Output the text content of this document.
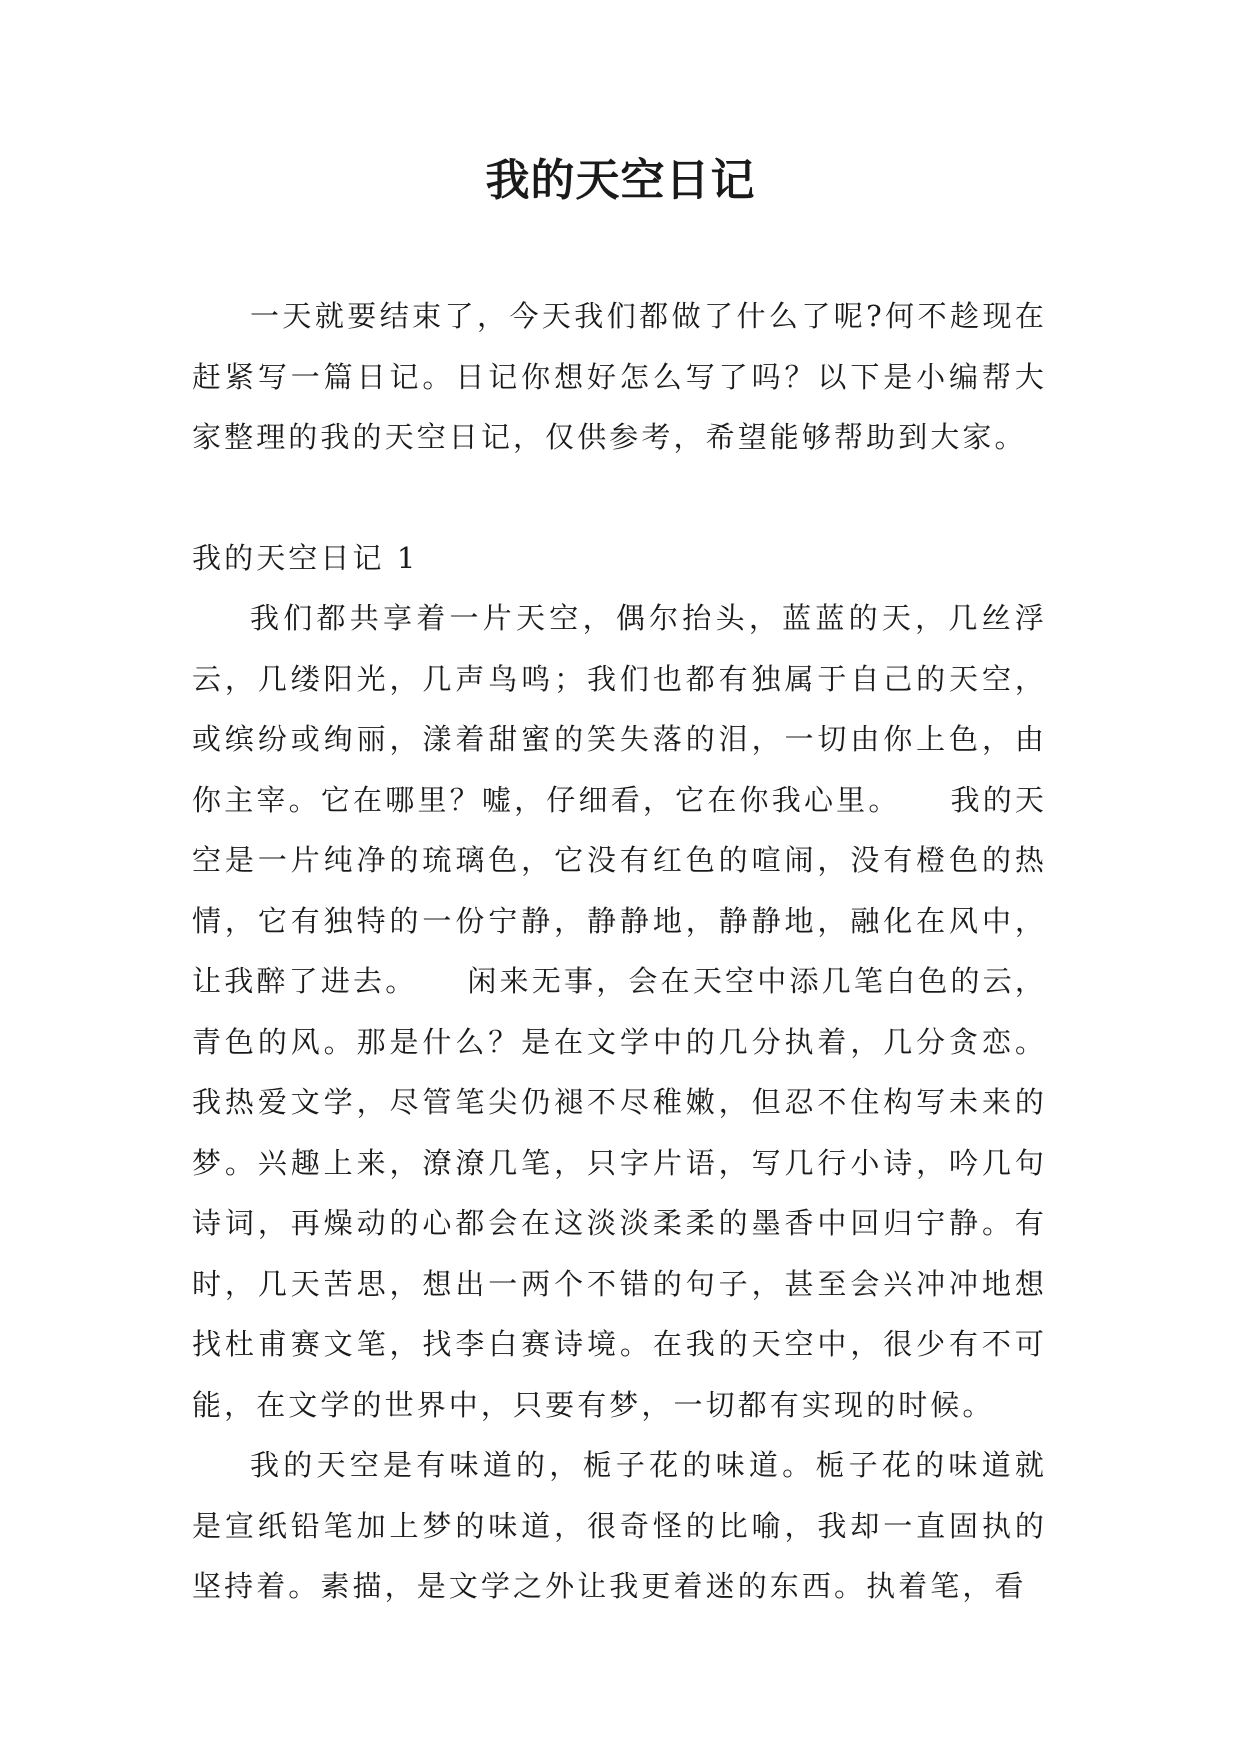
我的天空日记

一天就要结束了，今天我们都做了什么了呢?何不趁现在赶紧写一篇日记。日记你想好怎么写了吗？以下是小编帮大家整理的我的天空日记，仅供参考，希望能够帮助到大家。

我的天空日记 1

我们都共享着一片天空，偶尔抬头，蓝蓝的天，几丝浮云，几缕阳光，几声鸟鸣；我们也都有独属于自己的天空，或缤纷或绚丽，漾着甜蜜的笑失落的泪，一切由你上色，由你主宰。它在哪里？嘘，仔细看，它在你我心里。　　我的天空是一片纯净的琉璃色，它没有红色的喧闹，没有橙色的热情，它有独特的一份宁静，静静地，静静地，融化在风中，让我醉了进去。　　闲来无事，会在天空中添几笔白色的云，青色的风。那是什么？是在文学中的几分执着，几分贪恋。我热爱文学，尽管笔尖仍褪不尽稚嫩，但忍不住构写未来的梦。兴趣上来，潦潦几笔，只字片语，写几行小诗，吟几句诗词，再燥动的心都会在这淡淡柔柔的墨香中回归宁静。有时，几天苦思，想出一两个不错的句子，甚至会兴冲冲地想找杜甫赛文笔，找李白赛诗境。在我的天空中，很少有不可能，在文学的世界中，只要有梦，一切都有实现的时候。

我的天空是有味道的，栀子花的味道。栀子花的味道就是宣纸铅笔加上梦的味道，很奇怪的比喻，我却一直固执的坚持着。素描，是文学之外让我更着迷的东西。执着笔，看
